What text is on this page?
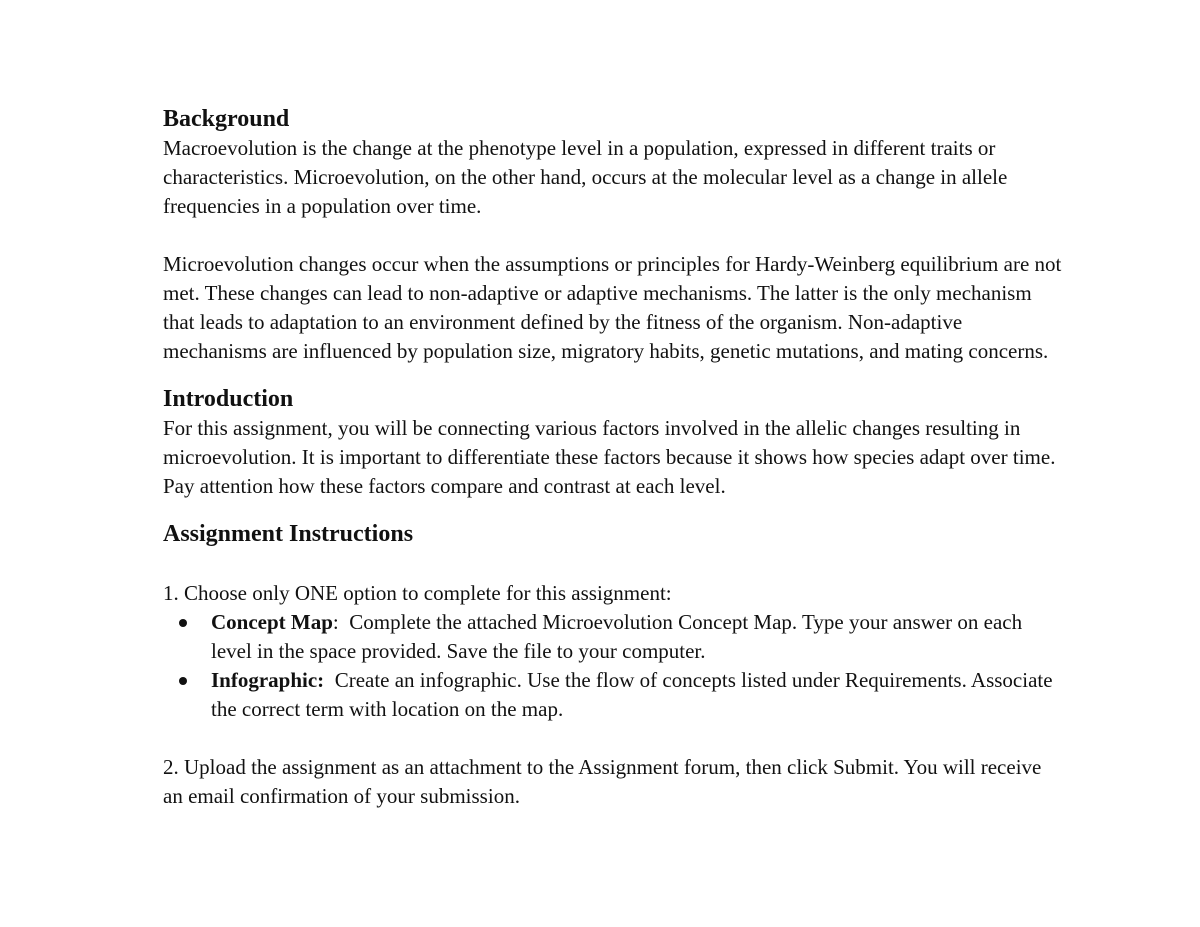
Background

Macroevolution is the change at the phenotype level in a population, expressed in different traits or characteristics. Microevolution, on the other hand, occurs at the molecular level as a change in allele frequencies in a population over time.

Microevolution changes occur when the assumptions or principles for Hardy-Weinberg equilibrium are not met. These changes can lead to non-adaptive or adaptive mechanisms. The latter is the only mechanism that leads to adaptation to an environment defined by the fitness of the organism. Non-adaptive mechanisms are influenced by population size, migratory habits, genetic mutations, and mating concerns.

Introduction

For this assignment, you will be connecting various factors involved in the allelic changes resulting in microevolution. It is important to differentiate these factors because it shows how species adapt over time. Pay attention how these factors compare and contrast at each level.

Assignment Instructions

1. Choose only ONE option to complete for this assignment:

Concept Map: Complete the attached Microevolution Concept Map. Type your answer on each level in the space provided. Save the file to your computer.
Infographic: Create an infographic. Use the flow of concepts listed under Requirements. Associate the correct term with location on the map.

2. Upload the assignment as an attachment to the Assignment forum, then click Submit. You will receive an email confirmation of your submission.
